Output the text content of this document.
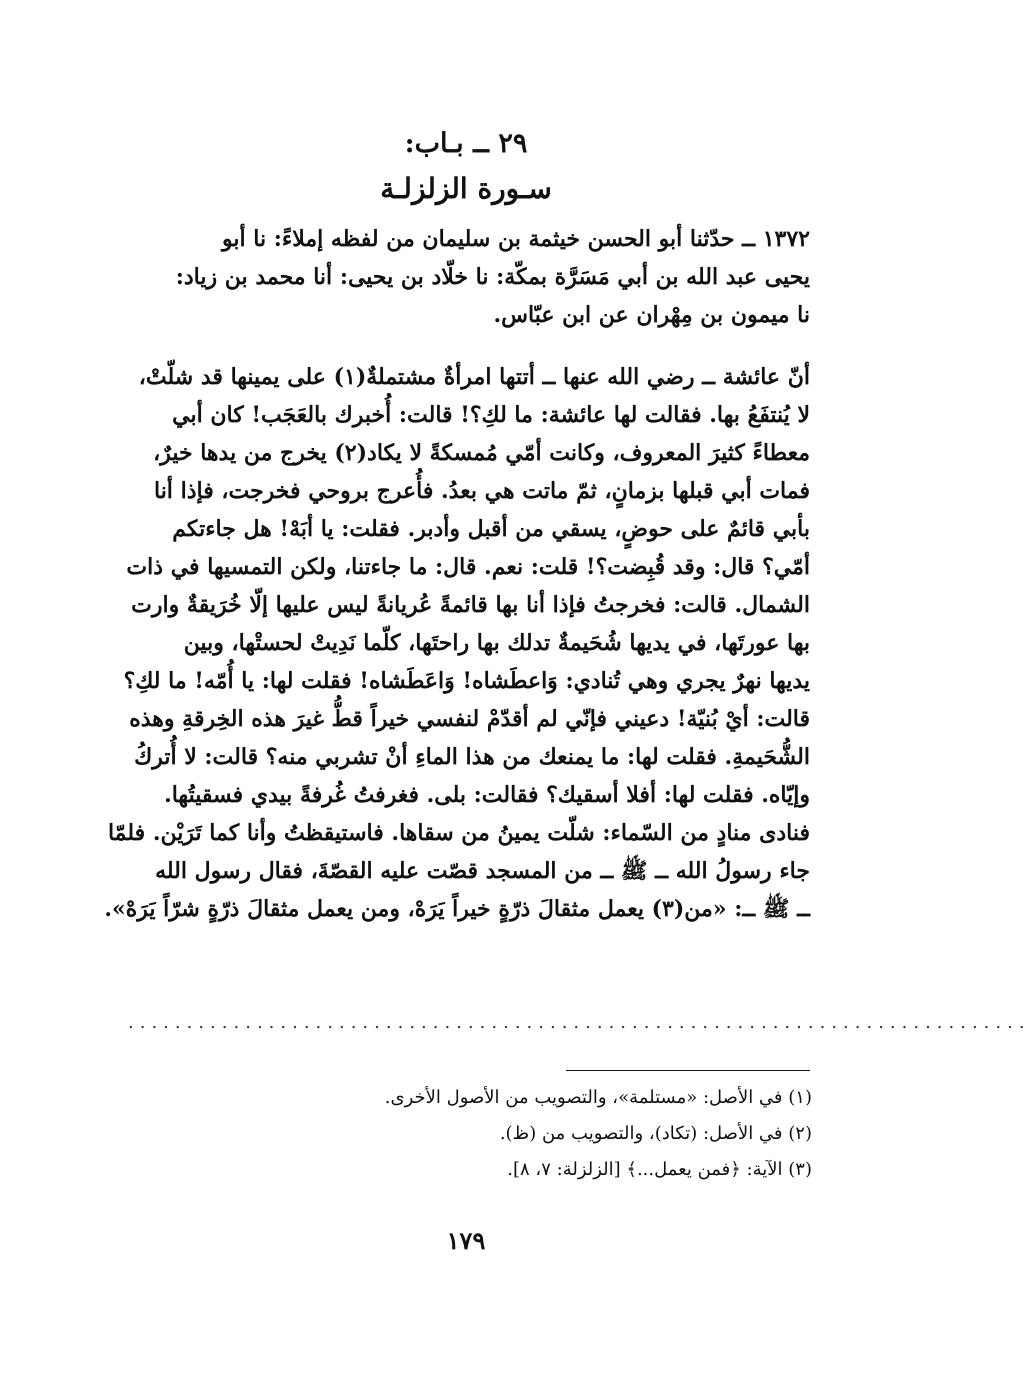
٢٩ ــ بـاب:
سـورة الزلزلـة
١٣٧٢ ــ حدّثنا أبو الحسن خيثمة بن سليمان من لفظه إملاءً: نا أبو
يحيى عبد الله بن أبي مَسَرَّة بمكّة: نا خلّاد بن يحيى: أنا محمد بن زياد:
نا ميمون بن مِهْران عن ابن عبّاس.
أنّ عائشة ــ رضي الله عنها ــ أتتها امرأةٌ مشتملةٌ(١) على يمينها قد شلّتْ،
لا يُنتفَعُ بها. فقالت لها عائشة: ما لكِ؟! قالت: أُخبرك بالعَجَب! كان أبي
معطاءً كثيرَ المعروف، وكانت أمّي مُمسكةً لا يكاد(٢) يخرج من يدها خيرٌ،
فمات أبي قبلها بزمانٍ، ثمّ ماتت هي بعدُ. فأُعرج بروحي فخرجت، فإذا أنا
بأبي قائمٌ على حوضٍ، يسقي من أقبل وأدبر. فقلت: يا أبَهْ! هل جاءتكم
أمّي؟ قال: وقد قُبِضت؟! قلت: نعم. قال: ما جاءتنا، ولكن التمسيها في ذات
الشمال. قالت: فخرجتُ فإذا أنا بها قائمةً عُريانةً ليس عليها إلّا خُرَيقةٌ وارت
بها عورتَها، في يديها شُحَيمةٌ تدلك بها راحتَها، كلّما نَدِيتْ لحستْها، وبين
يديها نهرٌ يجري وهي تُنادي: وَاعطَشاه! وَاعَطَشاه! فقلت لها: يا أُمّه! ما لكِ؟
قالت: أيْ بُنيّة! دعيني فإنّي لم أقدّمْ لنفسي خيراً قطُّ غيرَ هذه الخِرقةِ وهذه
الشُّحَيمةِ. فقلت لها: ما يمنعك من هذا الماءِ أنْ تشربي منه؟ قالت: لا أُتركُ
وإيّاه. فقلت لها: أفلا أسقيك؟ فقالت: بلى. فغرفتُ غُرفةً بيدي فسقيتُها.
فنادى منادٍ من السّماء: شلّت يمينُ من سقاها. فاستيقظتُ وأنا كما تَرَيْن. فلمّا
جاء رسولُ الله ــ ﷺ ــ من المسجد قصّت عليه القصّةَ، فقال رسول الله
ــ ﷺ ــ: «من(٣) يعمل مثقالَ ذرّةٍ خيراً يَرَهْ، ومن يعمل مثقالَ ذرّةٍ شرّاً يَرَهْ».
.............................................................................
(١) في الأصل: «مستلمة»، والتصويب من الأصول الأخرى.
(٢) في الأصل: (تكاد)، والتصويب من (ظ).
(٣) الآية: ﴿فمن يعمل...﴾ [الزلزلة: ٧، ٨].
١٧٩
